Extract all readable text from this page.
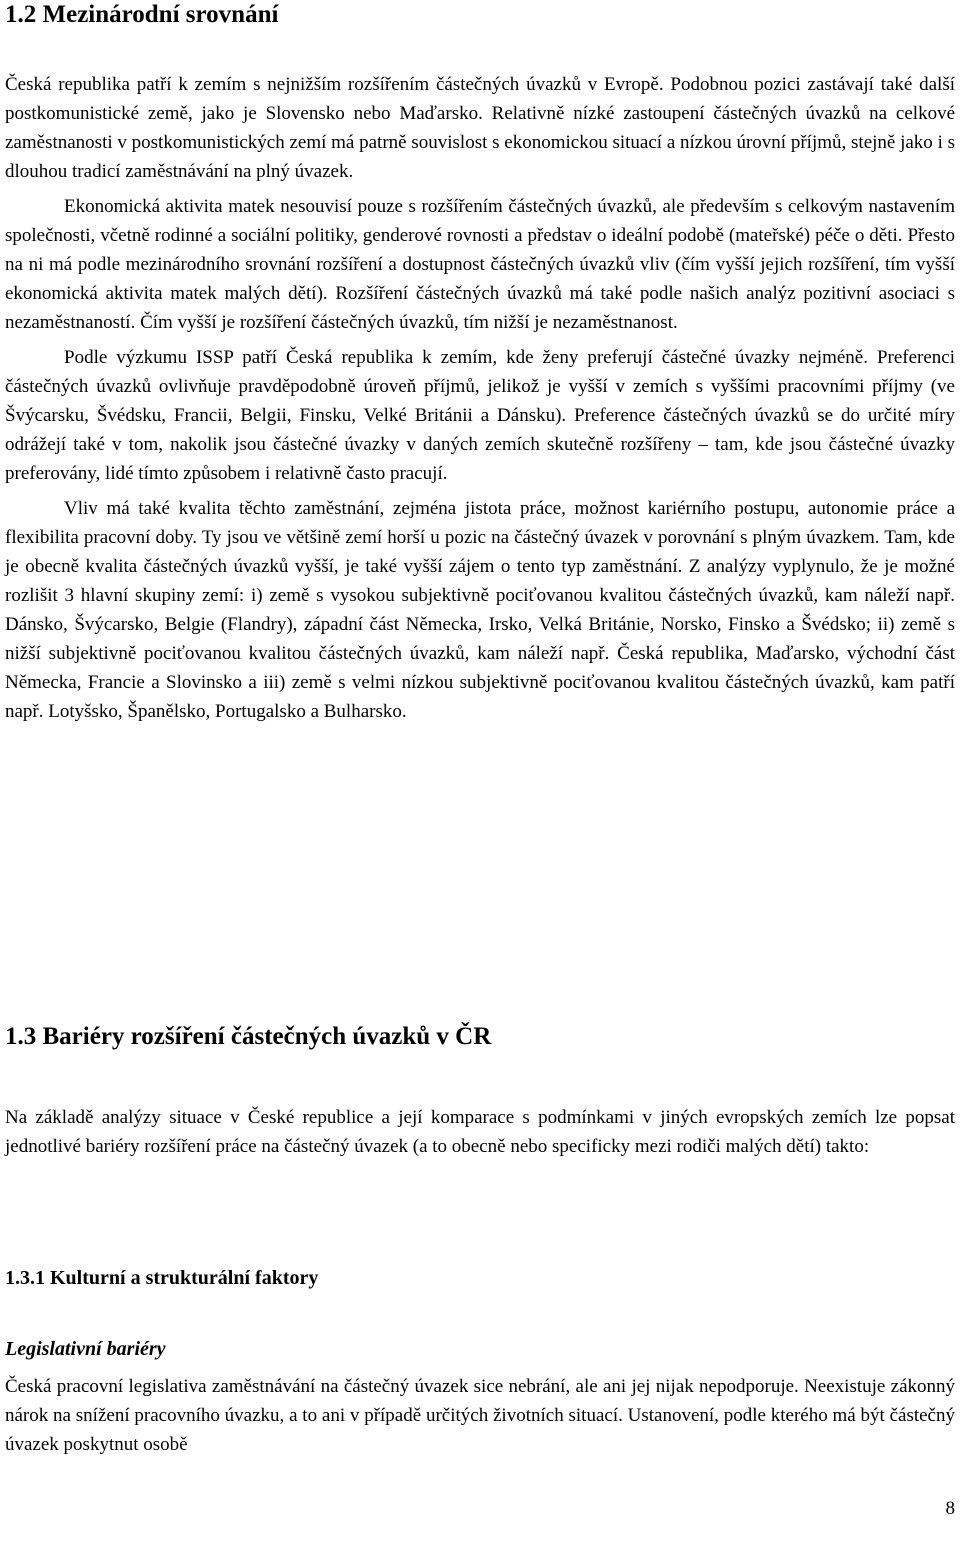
1.2 Mezinárodní srovnání

Česká republika patří k zemím s nejnižším rozšířením částečných úvazků v Evropě. Podobnou pozici zastávají také další postkomunistické země, jako je Slovensko nebo Maďarsko. Relativně nízké zastoupení částečných úvazků na celkové zaměstnanosti v postkomunistických zemí má patrně souvislost s ekonomickou situací a nízkou úrovní příjmů, stejně jako i s dlouhou tradicí zaměstnávání na plný úvazek.

Ekonomická aktivita matek nesouvisí pouze s rozšířením částečných úvazků, ale především s celkovým nastavením společnosti, včetně rodinné a sociální politiky, genderové rovnosti a představ o ideální podobě (mateřské) péče o děti. Přesto na ni má podle mezinárodního srovnání rozšíření a dostupnost částečných úvazků vliv (čím vyšší jejich rozšíření, tím vyšší ekonomická aktivita matek malých dětí). Rozšíření částečných úvazků má také podle našich analýz pozitivní asociaci s nezaměstnaností. Čím vyšší je rozšíření částečných úvazků, tím nižší je nezaměstnanost.

Podle výzkumu ISSP patří Česká republika k zemím, kde ženy preferují částečné úvazky nejméně. Preferenci částečných úvazků ovlivňuje pravděpodobně úroveň příjmů, jelikož je vyšší v zemích s vyššími pracovními příjmy (ve Švýcarsku, Švédsku, Francii, Belgii, Finsku, Velké Británii a Dánsku). Preference částečných úvazků se do určité míry odrážejí také v tom, nakolik jsou částečné úvazky v daných zemích skutečně rozšířeny – tam, kde jsou částečné úvazky preferovány, lidé tímto způsobem i relativně často pracují.

Vliv má také kvalita těchto zaměstnání, zejména jistota práce, možnost kariérního postupu, autonomie práce a flexibilita pracovní doby. Ty jsou ve většině zemí horší u pozic na částečný úvazek v porovnání s plným úvazkem. Tam, kde je obecně kvalita částečných úvazků vyšší, je také vyšší zájem o tento typ zaměstnání. Z analýzy vyplynulo, že je možné rozlišit 3 hlavní skupiny zemí: i) země s vysokou subjektivně pociťovanou kvalitou částečných úvazků, kam náleží např. Dánsko, Švýcarsko, Belgie (Flandry), západní část Německa, Irsko, Velká Británie, Norsko, Finsko a Švédsko; ii) země s nižší subjektivně pociťovanou kvalitou částečných úvazků, kam náleží např. Česká republika, Maďarsko, východní část Německa, Francie a Slovinsko a iii) země s velmi nízkou subjektivně pociťovanou kvalitou částečných úvazků, kam patří např. Lotyšsko, Španělsko, Portugalsko a Bulharsko.

1.3 Bariéry rozšíření částečných úvazků v ČR

Na základě analýzy situace v České republice a její komparace s podmínkami v jiných evropských zemích lze popsat jednotlivé bariéry rozšíření práce na částečný úvazek (a to obecně nebo specificky mezi rodiči malých dětí) takto:

1.3.1 Kulturní a strukturální faktory
Legislativní bariéry

Česká pracovní legislativa zaměstnávání na částečný úvazek sice nebrání, ale ani jej nijak nepodporuje. Neexistuje zákonný nárok na snížení pracovního úvazku, a to ani v případě určitých životních situací. Ustanovení, podle kterého má být částečný úvazek poskytnut osobě

8
